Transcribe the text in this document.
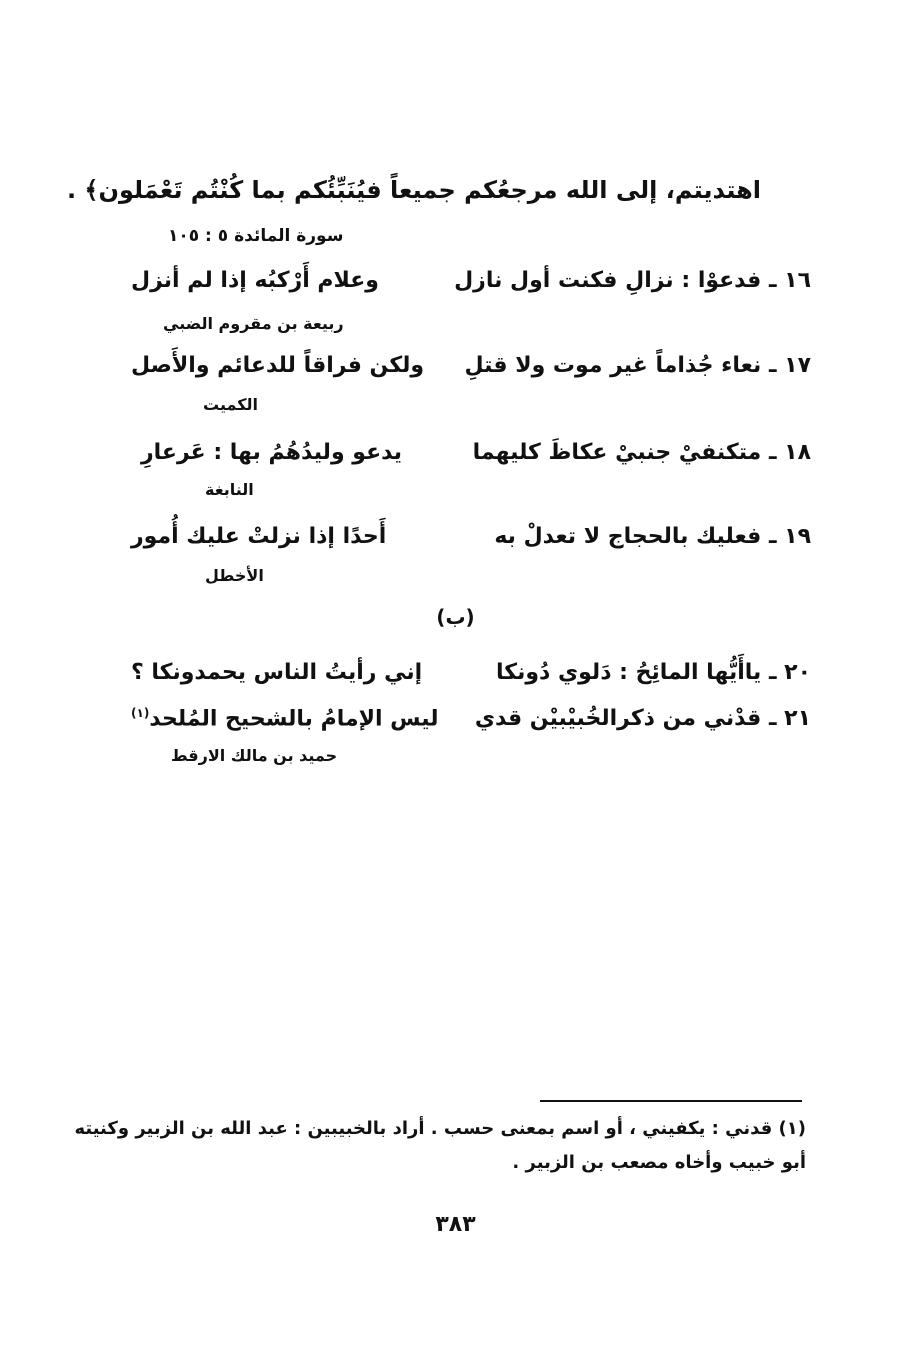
اهتديتم، إلى الله مرجعُكم جميعاً فيُنَبِّئُكم بما كُنْتُم تَعْمَلون﴾ .
سورة المائدة ٥ : ١٠٥
١٦ ـ فدعوْا : نزالِ فكنت أول نازل
وعلام أَرْكبُه إذا لم أنزل
ربيعة بن مقروم الضبي
١٧ ـ نعاء جُذاماً غير موت ولا قتلِ
ولكن فراقاً للدعائم والأَصل
الكميت
١٨ ـ متكنفيْ جنبيْ عكاظَ كليهما
يدعو وليدُهُمُ بها : عَرعارِ
النابغة
١٩ ـ فعليك بالحجاج لا تعدلْ به
أَحدًا إذا نزلتْ عليك أُمور
الأخطل
(ب)
٢٠ ـ ياأَيُّها المائِحُ : دَلوي دُونكا
إني رأيتُ الناس يحمدونكا ؟
٢١ ـ قدْني من ذكرالخُبيْبيْن قدي
ليس الإمامُ بالشحيح المُلحد$^{(١)}$
حميد بن مالك الارقط
(١) قدني : يكفيني ، أو اسم بمعنى حسب . أراد بالخبيبين : عبد الله بن الزبير وكنيته
أبو خبيب وأخاه مصعب بن الزبير .
٣٨٣
